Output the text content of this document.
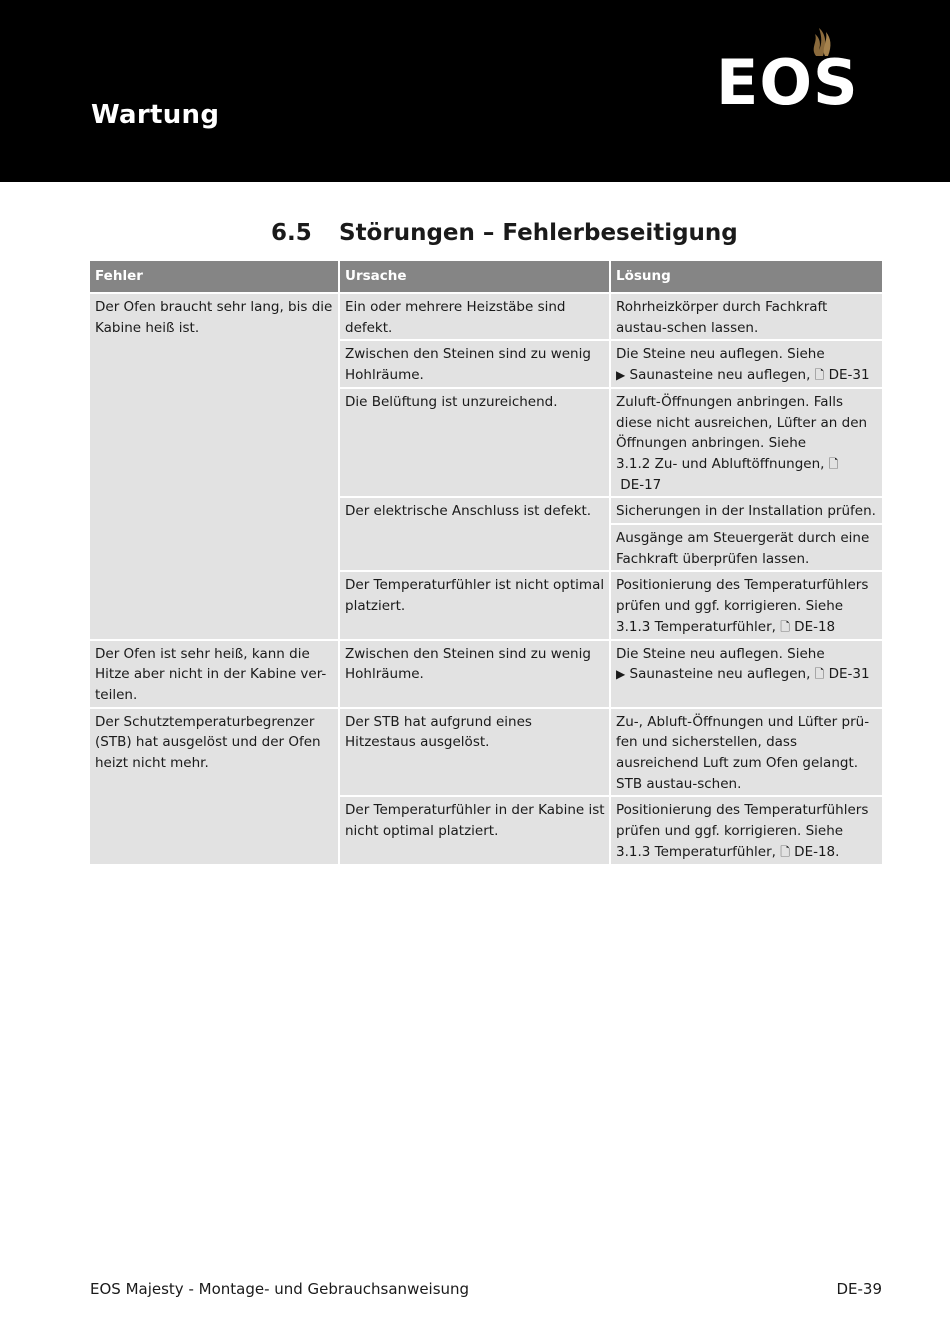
Wartung	EOS
6.5 Störungen – Fehlerbeseitigung
Fehler	Ursache	Lösung
Der Ofen braucht sehr lang, bis die Kabine heiß ist.	Ein oder mehrere Heizstäbe sind defekt.	Rohrheizkörper durch Fachkraft austau-schen lassen.
	Zwischen den Steinen sind zu wenig Hohlräume.	Die Steine neu auflegen. Siehe
▶ Saunasteine neu auflegen, 🗋 DE-31

	Die Belüftung ist unzureichend.	Zuluft-Öffnungen anbringen. Falls diese nicht ausreichen, Lüfter an den Öffnungen anbringen. Siehe
3.1.2 Zu- und Abluftöffnungen, 🗋
DE-17

	Der elektrische Anschluss ist defekt.	Sicherungen in der Installation prüfen.
		Ausgänge am Steuergerät durch eine Fachkraft überprüfen lassen.
	Der Temperaturfühler ist nicht optimal platziert.	Positionierung des Temperaturfühlers prüfen und ggf. korrigieren. Siehe
3.1.3 Temperaturfühler, 🗋 DE-18

Der Ofen ist sehr heiß, kann die Hitze aber nicht in der Kabine ver-teilen.	Zwischen den Steinen sind zu wenig Hohlräume.	Die Steine neu auflegen. Siehe
▶ Saunasteine neu auflegen, 🗋 DE-31

Der Schutztemperaturbegrenzer (STB) hat ausgelöst und der Ofen heizt nicht mehr.	Der STB hat aufgrund eines Hitzestaus ausgelöst.	Zu-, Abluft-Öffnungen und Lüfter prü-fen und sicherstellen, dass ausreichend Luft zum Ofen gelangt. STB austau-schen.
	Der Temperaturfühler in der Kabine ist nicht optimal platziert.	Positionierung des Temperaturfühlers prüfen und ggf. korrigieren. Siehe
3.1.3 Temperaturfühler, 🗋 DE-18.
EOS Majesty - Montage- und Gebrauchsanweisung	DE-39
